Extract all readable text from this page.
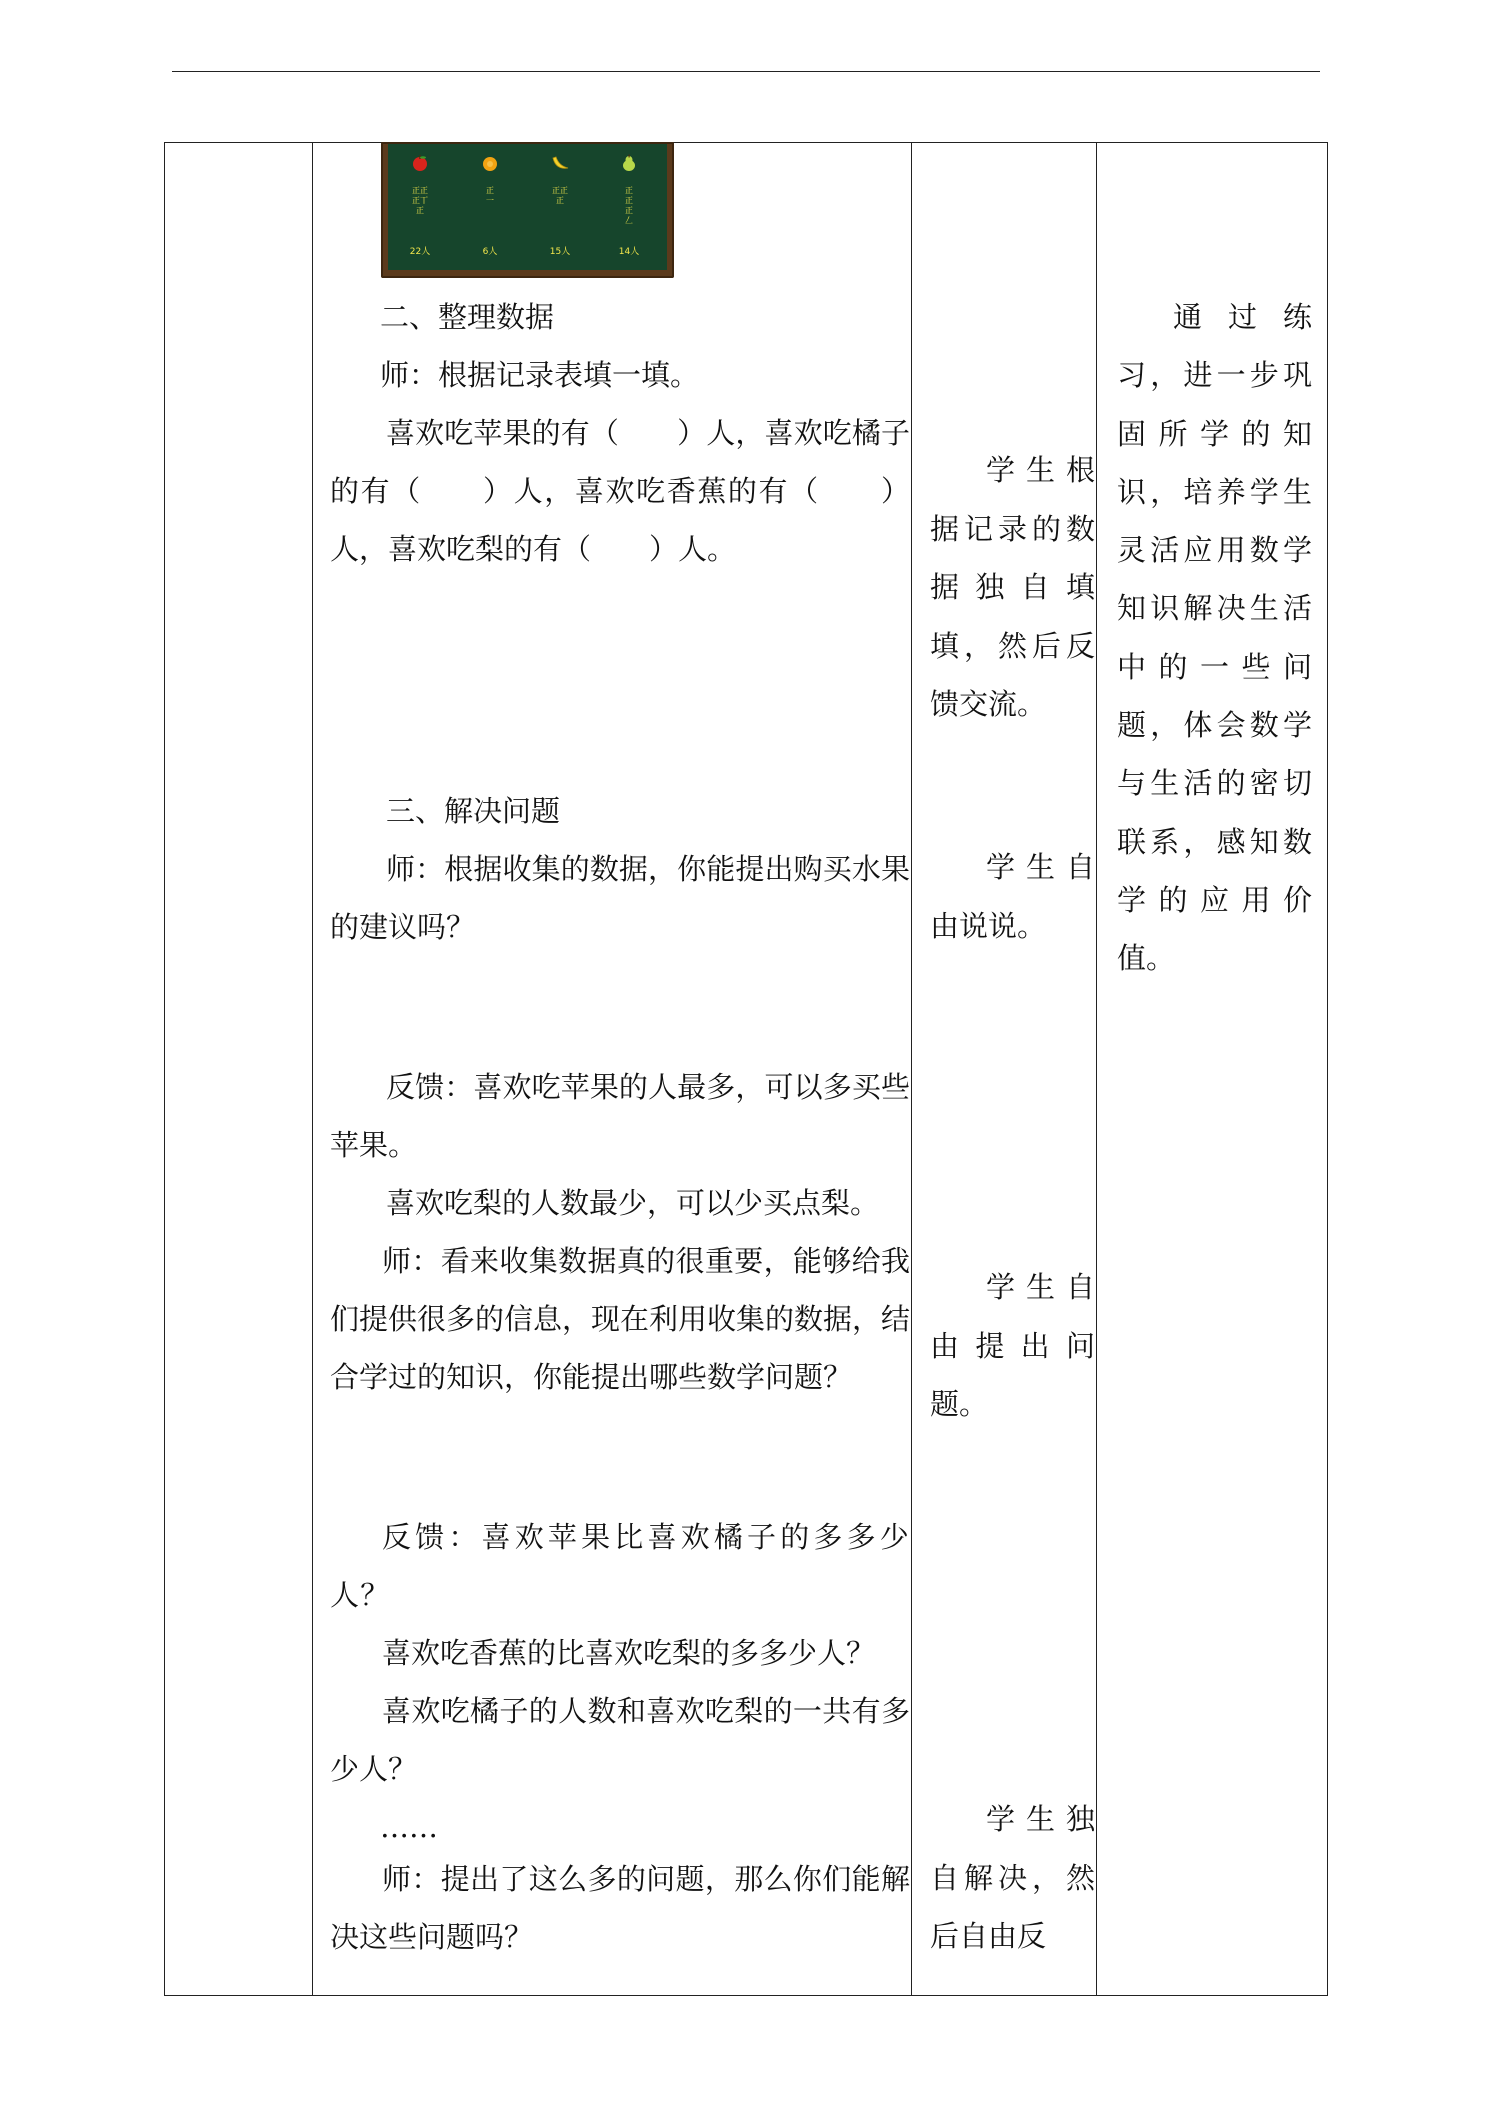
正正
正丅
正
22人
正
一
6人
正正
正
15人
正
正
正
𠃋
14人

二、整理数据

师：根据记录表填一填。

喜欢吃苹果的有（　　）人，喜欢吃橘子的有（　　）人，喜欢吃香蕉的有（　　）人，喜欢吃梨的有（　　）人。

三、解决问题

师：根据收集的数据，你能提出购买水果的建议吗？

反馈：喜欢吃苹果的人最多，可以多买些苹果。

喜欢吃梨的人数最少，可以少买点梨。

师：看来收集数据真的很重要，能够给我们提供很多的信息，现在利用收集的数据，结合学过的知识，你能提出哪些数学问题？

反馈：喜欢苹果比喜欢橘子的多多少人？

喜欢吃香蕉的比喜欢吃梨的多多少人？

喜欢吃橘子的人数和喜欢吃梨的一共有多少人？

……

师：提出了这么多的问题，那么你们能解决这些问题吗？

学生根据记录的数据独自填填，然后反馈交流。

学生自由说说。

学生自由提出问题。

学生独自解决，然后自由反

通过练习，进一步巩固所学的知识，培养学生灵活应用数学知识解决生活中的一些问题，体会数学与生活的密切联系，感知数学的应用价值。
